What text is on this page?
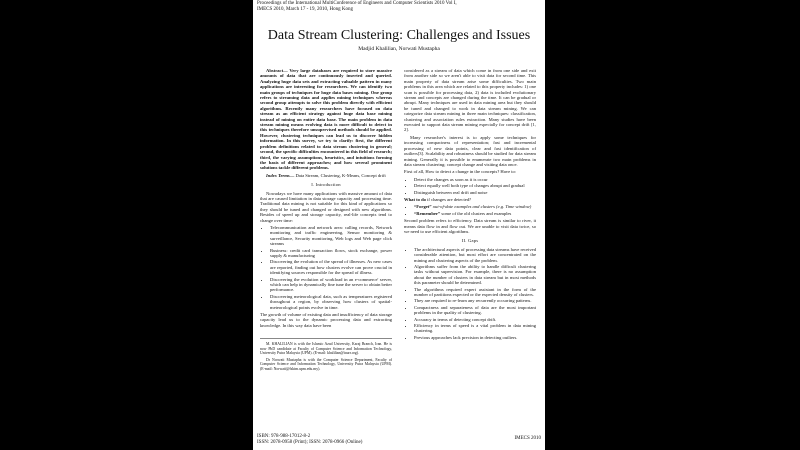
Proceedings of the International MultiConference of Engineers and Computer Scientists 2010 Vol I,
IMECS 2010, March 17 - 19, 2010, Hong Kong
Data Stream Clustering: Challenges and Issues
Madjid Khalilian, Norwati Mustapha
Abstract— Very large databases are required to store massive amounts of data that are continuously inserted and queried. Analyzing huge data sets and extracting valuable pattern in many applications are interesting for researchers. We can identify two main groups of techniques for huge data bases mining. One group refers to streaming data and applies mining techniques whereas second group attempts to solve this problem directly with efficient algorithms. Recently many researchers have focused on data stream as an efficient strategy against huge data base mining instead of mining on entire data base. The main problem in data stream mining means evolving data is more difficult to detect in this techniques therefore unsupervised methods should be applied. However, clustering techniques can lead us to discover hidden information. In this survey, we try to clarify: first, the different problem definitions related to data stream clustering in general; second, the specific difficulties encountered in this field of research; third, the varying assumptions, heuristics, and intuitions forming the basis of different approaches; and how several prominent solutions tackle different problems.
Index Terms— Data Stream, Clustering, K-Means, Concept drift
I. Introduction

Nowadays we have many applications with massive amount of data that are caused limitation in data storage capacity and processing time. Traditional data mining is not suitable for this kind of applications so they should be tuned and changed or designed with new algorithms. Besides of speed up and storage capacity, real-life concepts tend to change over time:

• Telecommunication and network area: calling records, Network monitoring and traffic engineering, Sensor monitoring & surveillance, Security monitoring, Web logs and Web page click streams
• Business: credit card transaction flows, stock exchange, power supply & manufacturing
• Discovering the evolution of the spread of illnesses. As new cases are reported, finding out how clusters evolve can prove crucial in identifying sources responsible for the spread of illness.
• Discovering the evolution of workload in an e-commerce' server, which can help in dynamically fine tune the server to obtain better performance.
• Discovering meteorological data, such as temperatures registered throughout a region, by observing how clusters of spatial-meteorological points evolve in time.

The growth of volume of existing data and insufficiency of data storage capacity lead us to the dynamic processing data and extracting knowledge. In this way data have been

M. KHALILIAN is with the Islamic Azad University, Karaj Branch, Iran. He is now PhD candidate at Faculty of Computer Science and Information Technology, University Putra Malaysia (UPM). (E-mail: khalilian@iaurr.org).
Dr Norwati Mustapha is with the Computer Science Department, Faculty of Computer Science and Information Technology, University Putra Malaysia (UPM). (E-mail: Norwati@fsktm.upm.edu.my).

considered as a stream of data which come in from one side and exit from another side so we aren't able to visit data for second time. This main property of data stream arise some difficulties. Two main problems in this area which are related to this property includes: 1) one scan is possible for processing data, 2) data is included evolutionary stream and concepts are changed during the time. It can be gradual or abrupt. Many techniques are used in data mining area but they should be tuned and changed to work in data stream mining. We can categorize data stream mining in three main techniques: classification, clustering and association rules extraction. Many studies have been executed to support data stream mining especially for concept drift [1, 2].

Many researcher's interest is to apply some techniques for increasing compactness of representation; fast and incremental processing of new data points, clear and fast identification of outliers[3]. Scalability and robustness should be studied for data stream mining. Generally it is possible to enumerate two main problems in data stream clustering; concept change and visiting data once.

First of all, How to detect a change in the concepts? Have to:

• Detect the changes as soon as it is occur
• Detect equally well both type of changes abrupt and gradual
• Distinguish between real drift and noise

What to do if changes are detected?

• “Forget” out-of-date examples and clusters (e.g. Time window)
• “Remember” some of the old clusters and examples

Second problem refers to efficiency. Data stream is similar to river, it means data flow in and flow out. We are unable to visit data twice, so we need to use efficient algorithms.

II. Gaps
• The architectural aspects of processing data streams have received considerable attention, but most effort are concentrated on the mining and clustering aspects of the problem.
• Algorithms suffer from the ability to handle difficult clustering tasks without supervision. For example, there is no assumption about the number of clusters in data stream but in most methods this parameter should be determined.
• The algorithms required expert assistant in the form of the number of partitions expected or the expected density of clusters.
• They are required to re-learn any recurrently occurring patterns.
• Compactness and separateness of data are the most important problems in the quality of clustering.
• Accuracy in terms of detecting concept drift.
• Efficiency in terms of speed is a vital problem in data mining clustering.
• Previous approaches lack precision in detecting outliers.
ISBN: 978-988-17012-8-2
ISSN: 2078-0958 (Print); ISSN: 2078-0966 (Online)
IMECS 2010
